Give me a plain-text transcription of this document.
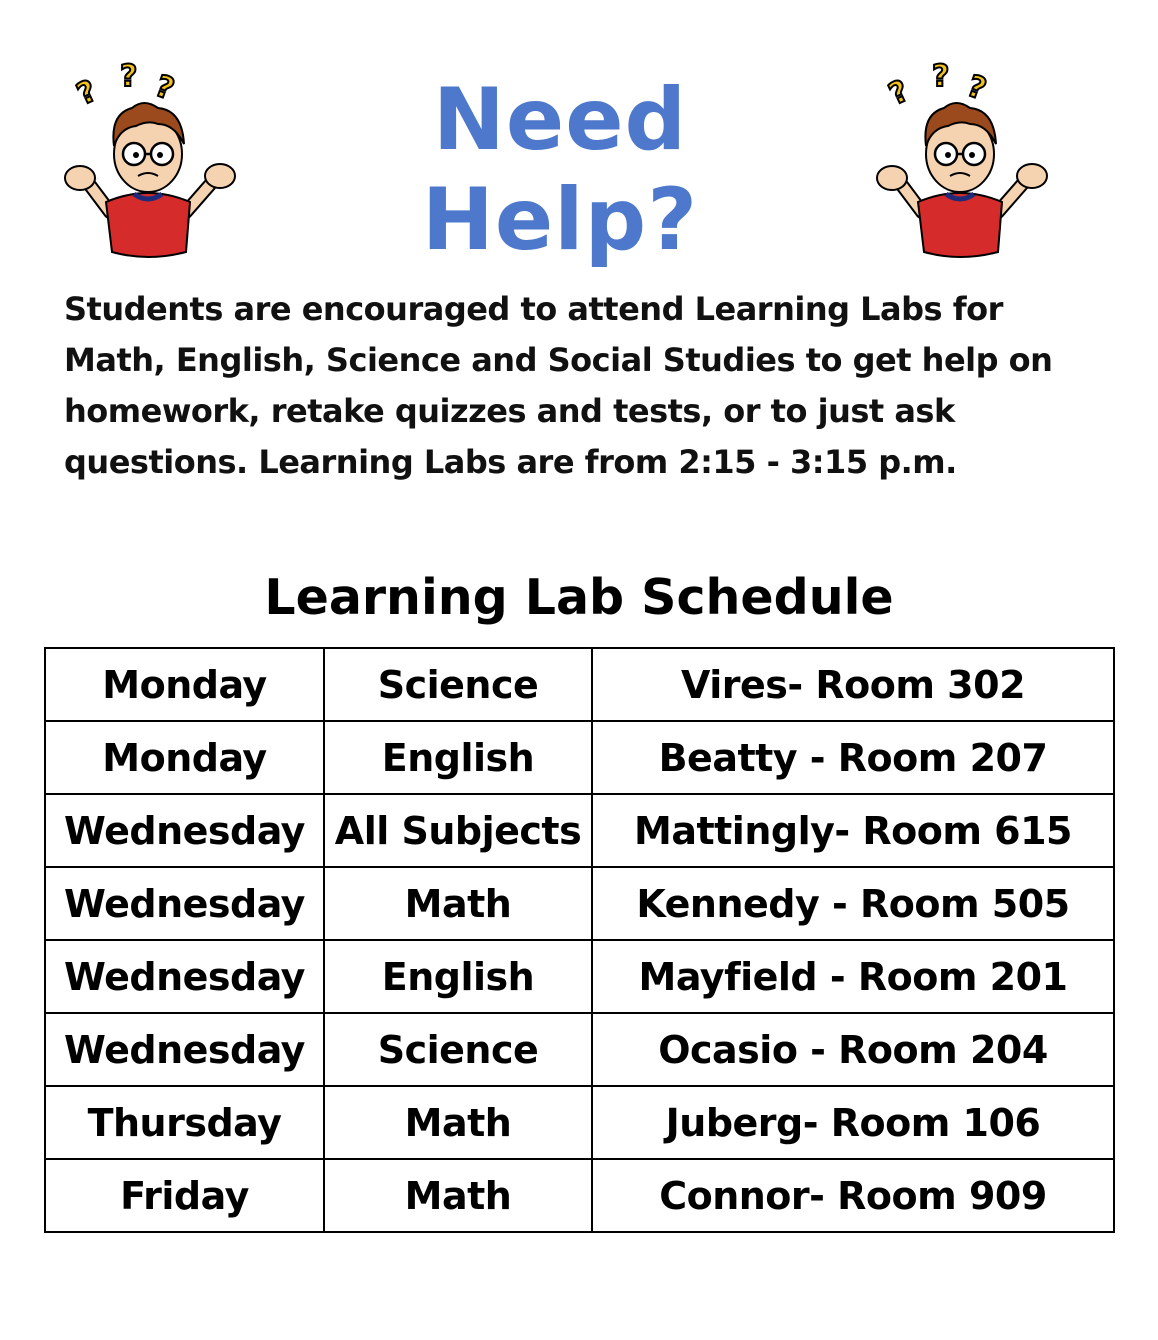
? ? ?	Need Help?
? ? ?
Students are encouraged to attend Learning Labs for Math, English, Science and Social Studies to get help on homework, retake quizzes and tests, or to just ask questions. Learning Labs are from 2:15 - 3:15 p.m.
Learning Lab Schedule
Monday	Science	Vires- Room 302
Monday	English	Beatty - Room 207
Wednesday	All Subjects	Mattingly- Room 615
Wednesday	Math	Kennedy - Room 505
Wednesday	English	Mayfield - Room 201
Wednesday	Science	Ocasio - Room 204
Thursday	Math	Juberg- Room 106
Friday	Math	Connor- Room 909
